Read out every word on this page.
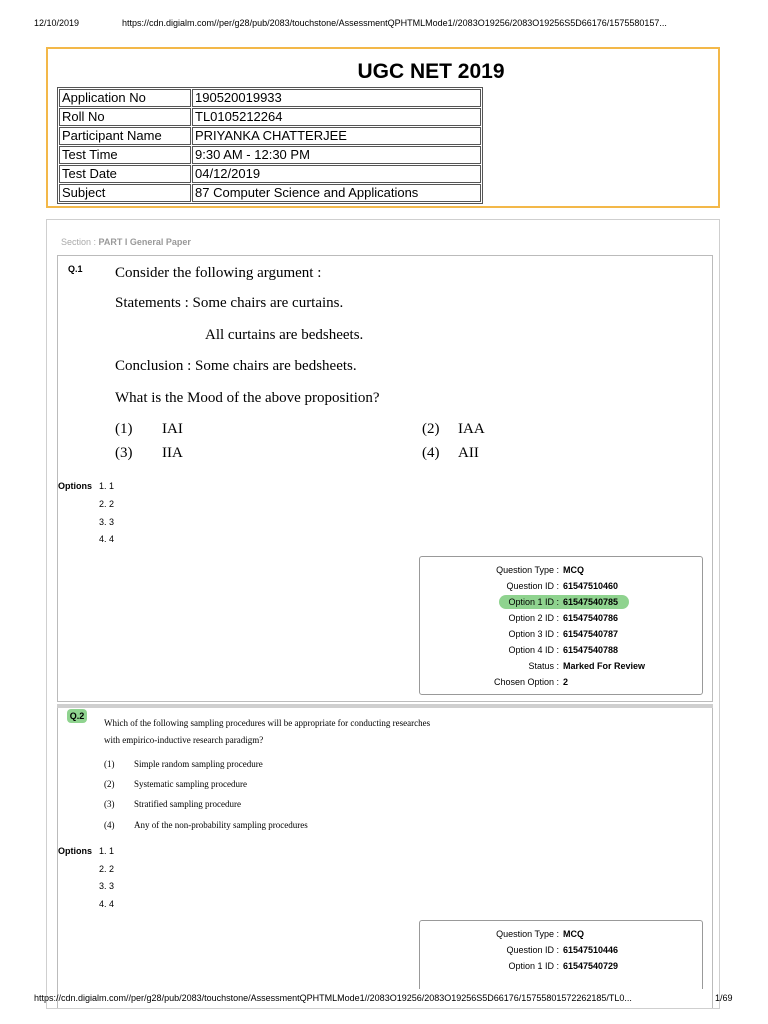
12/10/2019	https://cdn.digialm.com//per/g28/pub/2083/touchstone/AssessmentQPHTMLMode1//2083O19256/2083O19256S5D66176/1575580157...
UGC NET 2019
Application No	190520019933
Roll No	TL0105212264
Participant Name	PRIYANKA CHATTERJEE
Test Time	9:30 AM - 12:30 PM
Test Date	04/12/2019
Subject	87 Computer Science and Applications
Section : PART I General Paper
Q.1 Consider the following argument :
Statements : Some chairs are curtains.
All curtains are bedsheets.
Conclusion : Some chairs are bedsheets.
What is the Mood of the above proposition?
(1) IAI	(2) IAA
(3) IIA	(4) AII
Options 1. 1
2. 2
3. 3
4. 4
Question Type : MCQ
Question ID : 61547510460
Option 1 ID : 61547540785
Option 2 ID : 61547540786
Option 3 ID : 61547540787
Option 4 ID : 61547540788
Status : Marked For Review
Chosen Option : 2
Q.2
Which of the following sampling procedures will be appropriate for conducting researches
with empirico-inductive research paradigm?
(1) Simple random sampling procedure
(2) Systematic sampling procedure
(3) Stratified sampling procedure
(4) Any of the non-probability sampling procedures
Options 1. 1
2. 2
3. 3
4. 4
Question Type : MCQ
Question ID : 61547510446
Option 1 ID : 61547540729
https://cdn.digialm.com//per/g28/pub/2083/touchstone/AssessmentQPHTMLMode1//2083O19256/2083O19256S5D66176/15755801572262185/TL0...	1/69
